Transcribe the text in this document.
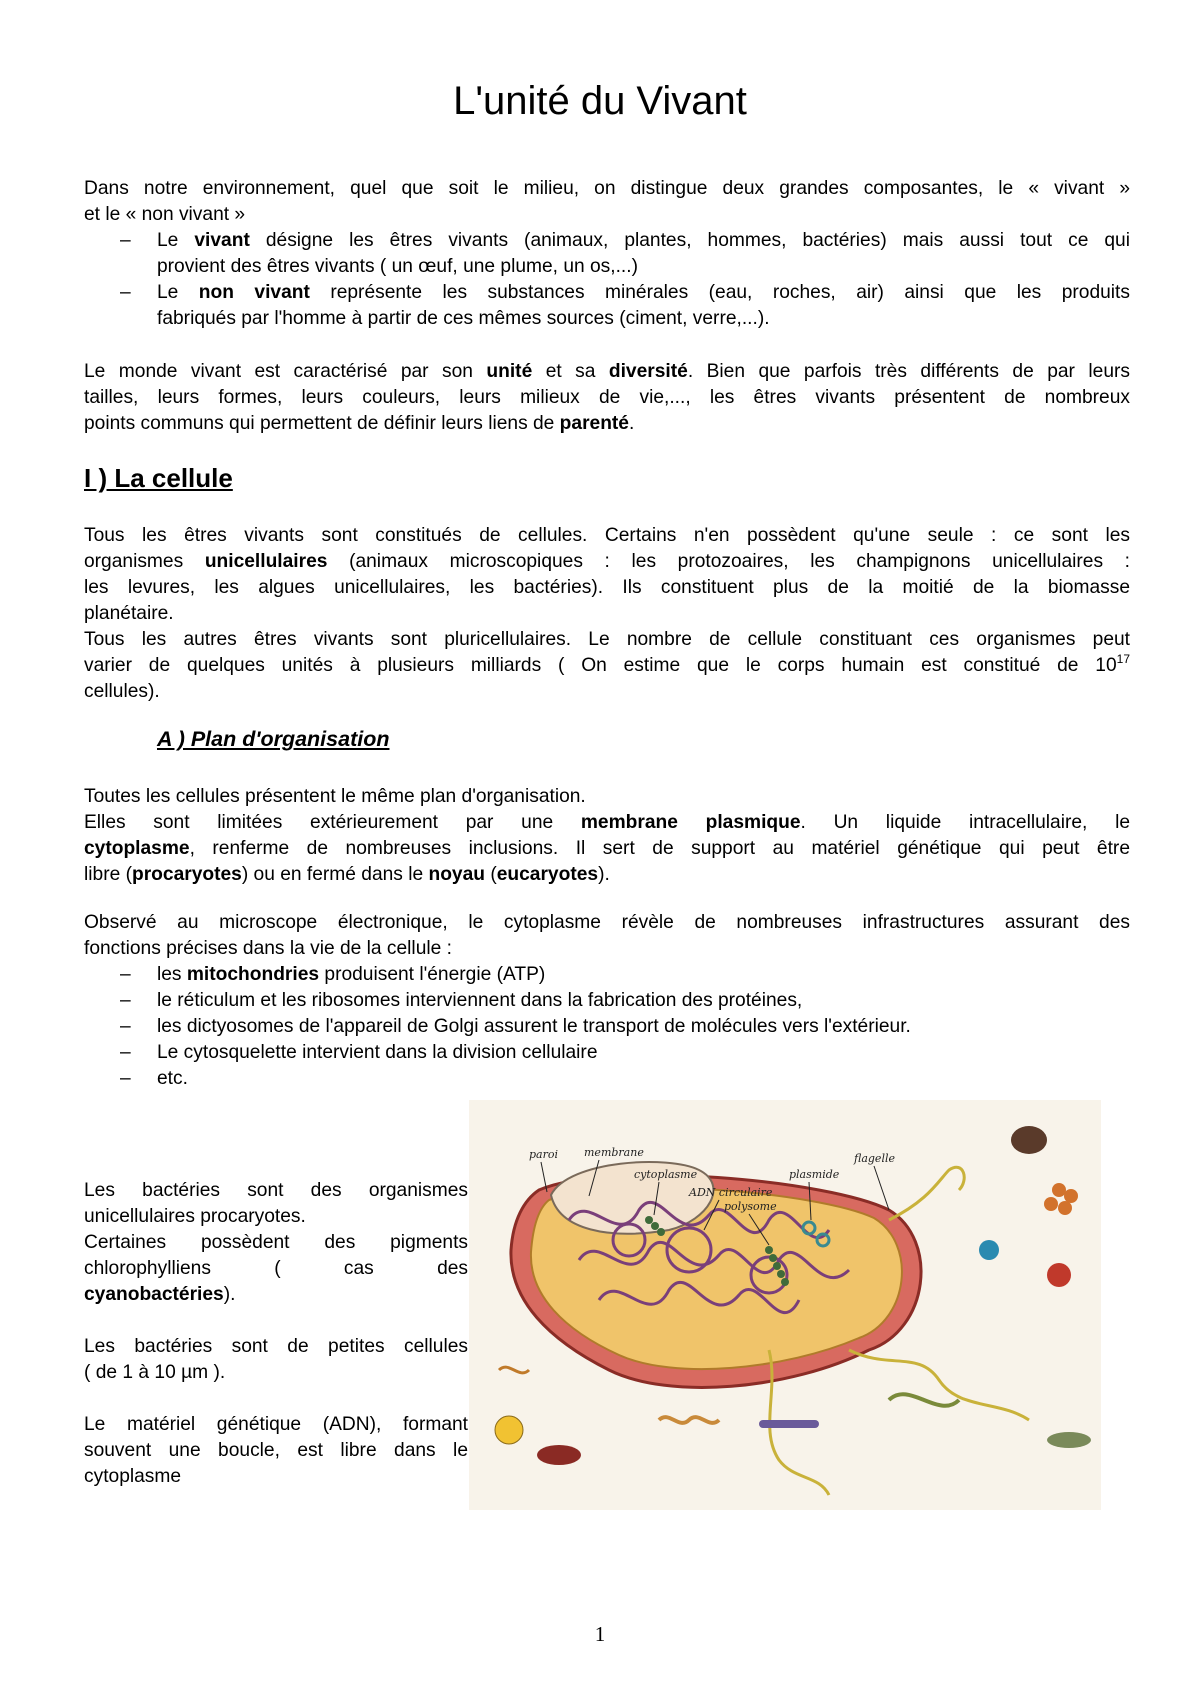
L'unité du Vivant
Dans notre environnement, quel que soit le milieu, on distingue deux grandes composantes, le « vivant »
et le « non vivant »
– Le vivant désigne les êtres vivants (animaux, plantes, hommes, bactéries) mais aussi tout ce qui
provient des êtres vivants ( un œuf, une plume, un os,...)
– Le non vivant représente les substances minérales (eau, roches, air) ainsi que les produits
fabriqués par l'homme à partir de ces mêmes sources (ciment, verre,...).
Le monde vivant est caractérisé par son unité et sa diversité. Bien que parfois très différents de par leurs
tailles, leurs formes, leurs couleurs, leurs milieux de vie,..., les êtres vivants présentent de nombreux
points communs qui permettent de définir leurs liens de parenté.
I ) La cellule
Tous les êtres vivants sont constitués de cellules. Certains n'en possèdent qu'une seule : ce sont les
organismes unicellulaires (animaux microscopiques : les protozoaires, les champignons unicellulaires :
les levures, les algues unicellulaires, les bactéries). Ils constituent plus de la moitié de la biomasse
planétaire.
Tous les autres êtres vivants sont pluricellulaires. Le nombre de cellule constituant ces organismes peut
varier de quelques unités à plusieurs milliards ( On estime que le corps humain est constitué de $10^{17}$
cellules).
A ) Plan d'organisation
Toutes les cellules présentent le même plan d'organisation.
Elles sont limitées extérieurement par une membrane plasmique. Un liquide intracellulaire, le
cytoplasme, renferme de nombreuses inclusions. Il sert de support au matériel génétique qui peut être
libre (procaryotes) ou en fermé dans le noyau (eucaryotes).
Observé au microscope électronique, le cytoplasme révèle de nombreuses infrastructures assurant des
fonctions précises dans la vie de la cellule :
– les mitochondries produisent l'énergie (ATP)
– le réticulum et les ribosomes interviennent dans la fabrication des protéines,
– les dictyosomes de l'appareil de Golgi assurent le transport de molécules vers l'extérieur.
– Le cytosquelette intervient dans la division cellulaire
– etc.
Les bactéries sont des organismes
unicellulaires procaryotes.
Certaines possèdent des pigments
chlorophylliens	(	cas	des
cyanobactéries).

Les bactéries sont de petites cellules
( de 1 à 10 µm ).

Le matériel génétique (ADN), formant
souvent une boucle, est libre dans le
cytoplasme
paroi membrane
cytoplasme
ADN circulaire
polysome
plasmide
flagelle
1
